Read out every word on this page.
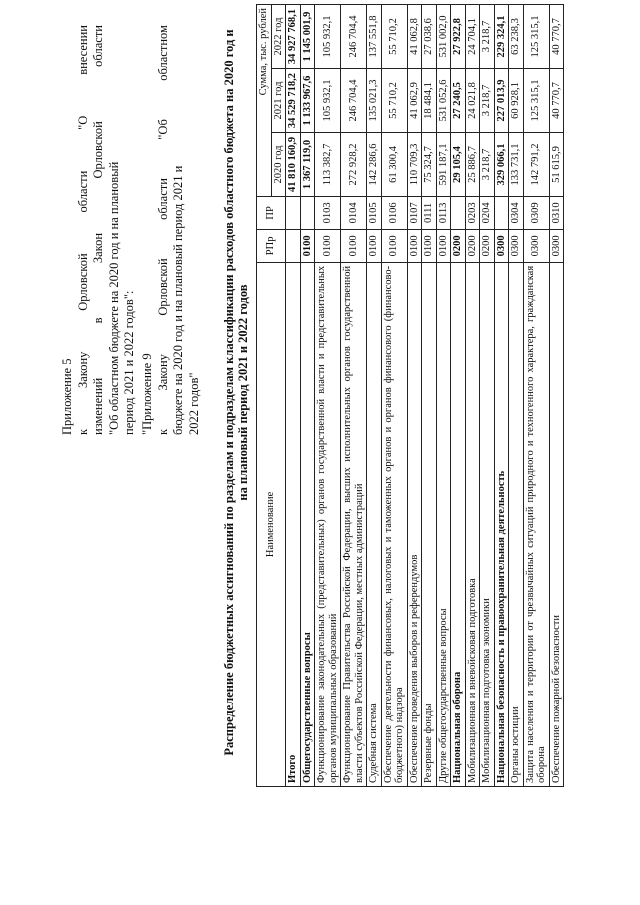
Приложение 5 к
Закону
Орловской
области
"О
внесении
изменений
в
Закон
Орловской
области
"Об областном бюджете на 2020 год и на плановый период 2021 и 2022 годов": "Приложение 9 к
Закону
Орловской
области
"Об
областном
бюджете на 2020 год и на плановый период 2021 и 2022 годов" Распределение бюджетных ассигнований по разделам и подразделам классификации расходов областного бюджета на 2020 год и на плановый период 2021 и 2022 годов
Наименование	РПр	ПР	Сумма, тыс. рублей		
			2020 год	2021 год	2022 год
Итого			41 810 160,9	34 529 718,2	34 927 768,1
Общегосударственные вопросы	0100		1 367 119,0	1 133 967,6	1 145 001,9
Функционирование законодательных (представительных) органов государственной власти и представительных органов муниципальных образований	0100	0103	113 382,7	105 932,1	105 932,1
Функционирование Правительства Российской Федерации, высших исполнительных органов государственной власти субъектов Российской Федерации, местных администраций	0100	0104	272 928,2	246 704,4	246 704,4
Судебная система	0100	0105	142 286,6	135 021,3	137 551,8
Обеспечение деятельности финансовых, налоговых и таможенных органов и органов финансового (финансово-бюджетного) надзора	0100	0106	61 300,4	55 710,2	55 710,2
Обеспечение проведения выборов и референдумов	0100	0107	110 709,3	41 062,9	41 062,8
Резервные фонды	0100	0111	75 324,7	18 484,1	27 038,6
Другие общегосударственные вопросы	0100	0113	591 187,1	531 052,6	531 002,0
Национальная оборона	0200		29 105,4	27 240,5	27 922,8
Мобилизационная и вневойсковая подготовка	0200	0203	25 886,7	24 021,8	24 704,1
Мобилизационная подготовка экономики	0200	0204	3 218,7	3 218,7	3 218,7
Национальная безопасность и правоохранительная деятельность	0300		329 066,1	227 013,9	229 324,1
Органы юстиции	0300	0304	133 731,1	60 928,1	63 238,3
Защита населения и территории от чрезвычайных ситуаций природного и техногенного характера, гражданская оборона	0300	0309	142 791,2	125 315,1	125 315,1
Обеспечение пожарной безопасности	0300	0310	51 615,9	40 770,7	40 770,7
